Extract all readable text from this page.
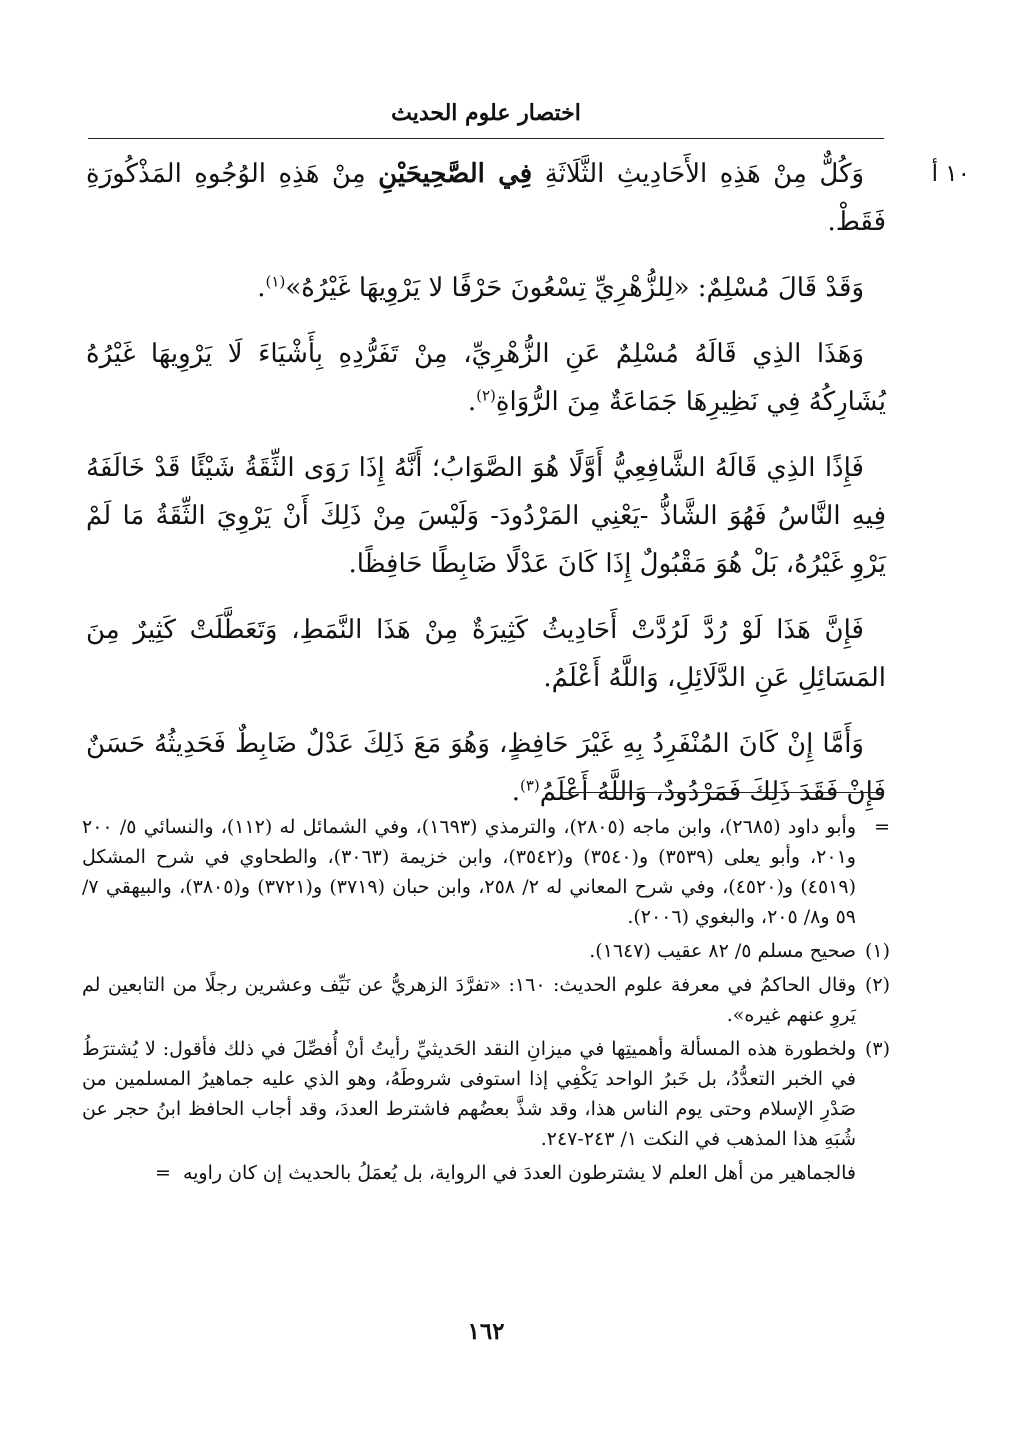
اختصار علوم الحديث
١٠ أ

وَكُلٌّ مِنْ هَذِهِ الأَحَادِيثِ الثَّلَاثَةِ فِي الصَّحِيحَيْنِ مِنْ هَذِهِ الوُجُوهِ المَذْكُورَةِ فَقَطْ.

وَقَدْ قَالَ مُسْلِمٌ: «لِلزُّهْرِيِّ تِسْعُونَ حَرْفًا لا يَرْوِيهَا غَيْرُهُ»$^{(١)}$.

وَهَذَا الذِي قَالَهُ مُسْلِمٌ عَنِ الزُّهْرِيِّ، مِنْ تَفَرُّدِهِ بِأَشْيَاءَ لَا يَرْوِيهَا غَيْرُهُ يُشَارِكُهُ فِي نَظِيرِهَا جَمَاعَةٌ مِنَ الرُّوَاةِ$^{(٢)}$.

فَإِذًا الذِي قَالَهُ الشَّافِعِيُّ أَوَّلًا هُوَ الصَّوَابُ؛ أَنَّهُ إِذَا رَوَى الثِّقَةُ شَيْئًا قَدْ خَالَفَهُ فِيهِ النَّاسُ فَهُوَ الشَّاذُّ -يَعْنِي المَرْدُودَ- وَلَيْسَ مِنْ ذَلِكَ أَنْ يَرْوِيَ الثِّقَةُ مَا لَمْ يَرْوِ غَيْرُهُ، بَلْ هُوَ مَقْبُولٌ إِذَا كَانَ عَدْلًا ضَابِطًا حَافِظًا.

فَإِنَّ هَذَا لَوْ رُدَّ لَرُدَّتْ أَحَادِيثُ كَثِيرَةٌ مِنْ هَذَا النَّمَطِ، وَتَعَطَّلَتْ كَثِيرٌ مِنَ المَسَائِلِ عَنِ الدَّلَائِلِ، وَاللَّهُ أَعْلَمُ.

وَأَمَّا إِنْ كَانَ المُنْفَرِدُ بِهِ غَيْرَ حَافِظٍ، وَهُوَ مَعَ ذَلِكَ عَدْلٌ ضَابِطٌ فَحَدِيثُهُ حَسَنٌ فَإِنْ فَقَدَ ذَلِكَ فَمَرْدُودٌ، وَاللَّهُ أَعْلَمُ$^{(٣)}$.

=
وأبو داود (٢٦٨٥)، وابن ماجه (٢٨٠٥)، والترمذي (١٦٩٣)، وفي الشمائل له (١١٢)، والنسائي ٥/ ٢٠٠ و٢٠١، وأبو يعلى (٣٥٣٩) و(٣٥٤٠) و(٣٥٤٢)، وابن خزيمة (٣٠٦٣)، والطحاوي في شرح المشكل (٤٥١٩) و(٤٥٢٠)، وفي شرح المعاني له ٢/ ٢٥٨، وابن حبان (٣٧١٩) و(٣٧٢١) و(٣٨٠٥)، والبيهقي ٧/ ٥٩ و٨/ ٢٠٥، والبغوي (٢٠٠٦).
(١)
صحيح مسلم ٥/ ٨٢ عقيب (١٦٤٧).
(٢)
وقال الحاكمُ في معرفة علوم الحديث: ١٦٠: «تفرَّدَ الزهريُّ عن نَيِّف وعشرين رجلًا من التابعين لم يَروِ عنهم غيره».
(٣)
ولخطورة هذه المسألة وأهميتِها في ميزانِ النقد الحَديثيِّ رأيتُ أنْ أُفصِّلَ في ذلك فأقول: لا يُشترَطُ في الخبر التعدُّدُ، بل خَبرُ الواحد يَكْفِي إذا استوفى شروطَهُ، وهو الذي عليه جماهيرُ المسلمين من صَدْرِ الإسلام وحتى يوم الناس هذا، وقد شذَّ بعضُهم فاشترط العددَ، وقد أجاب الحافظ ابنُ حجر عن شُبَهِ هذا المذهب في النكت ١/ ٢٤٣-٢٤٧.
فالجماهير من أهل العلم لا يشترطون العددَ في الرواية، بل يُعمَلُ بالحديث إن كان راويه=
١٦٢
